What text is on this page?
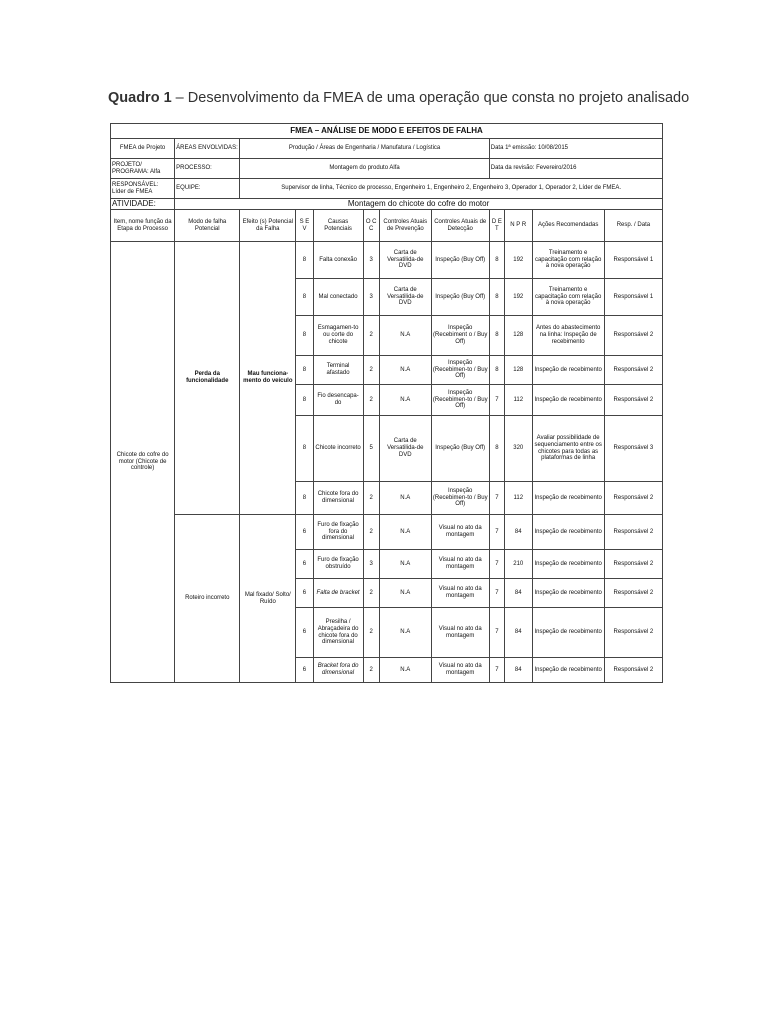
Quadro 1 – Desenvolvimento da FMEA de uma operação que consta no projeto analisado
FMEA – ANÁLISE DE MODO E EFEITOS DE FALHA											
FMEA de Projeto	ÁREAS ENVOLVIDAS:	Produção / Áreas de Engenharia / Manufatura / Logística						Data 1ª emissão: 10/08/2015			
PROJETO/ PROGRAMA: Alfa	PROCESSO:	Montagem do produto Alfa						Data da revisão: Fevereiro/2016			
RESPONSÁVEL: Líder de FMEA	EQUIPE:	Supervisor de linha, Técnico de processo, Engenheiro 1, Engenheiro 2, Engenheiro 3, Operador 1, Operador 2, Líder de FMEA.									
ATIVIDADE:	Montagem do chicote do cofre do motor										
Item, nome função da Etapa do Processo	Modo de falha Potencial	Efeito (s) Potencial da Falha	S E V	Causas Potenciais	O C C	Controles Atuais de Prevenção	Controles Atuais de Detecção	D E T	N P R	Ações Recomendadas	Resp. / Data
Chicote do cofre do motor (Chicote de controle)	Perda da funcionalidade	Mau funciona-mento do veículo	8	Falta conexão	3	Carta de Versatilida-de DVD	Inspeção (Buy Off)	8	192	Treinamento e capacitação com relação à nova operação	Responsável 1
			8	Mal conectado	3	Carta de Versatilida-de DVD	Inspeção (Buy Off)	8	192	Treinamento e capacitação com relação à nova operação	Responsável 1
			8	Esmagamen-to ou corte do chicote	2	N.A	Inspeção (Recebiment o / Buy Off)	8	128	Antes do abastecimento na linha: Inspeção de recebimento	Responsável 2
			8	Terminal afastado	2	N.A	Inspeção (Recebimen-to / Buy Off)	8	128	Inspeção de recebimento	Responsável 2
			8	Fio desencapa-do	2	N.A	Inspeção (Recebimen-to / Buy Off)	7	112	Inspeção de recebimento	Responsável 2
			8	Chicote incorreto	5	Carta de Versatilida-de DVD	Inspeção (Buy Off)	8	320	Avaliar possibilidade de sequenciamento entre os chicotes para todas as plataformas de linha	Responsável 3
			8	Chicote fora do dimensional	2	N.A	Inspeção (Recebimen-to / Buy Off)	7	112	Inspeção de recebimento	Responsável 2
	Roteiro incorreto	Mal fixado/ Solto/ Ruído	6	Furo de fixação fora do dimensional	2	N.A	Visual no ato da montagem	7	84	Inspeção de recebimento	Responsável 2
			6	Furo de fixação obstruído	3	N.A	Visual no ato da montagem	7	210	Inspeção de recebimento	Responsável 2
			6	Falta de bracket	2	N.A	Visual no ato da montagem	7	84	Inspeção de recebimento	Responsável 2
			6	Presilha / Abraçadeira do chicote fora do dimensional	2	N.A	Visual no ato da montagem	7	84	Inspeção de recebimento	Responsável 2
			6	Bracket fora do dimensional	2	N.A	Visual no ato da montagem	7	84	Inspeção de recebimento	Responsável 2
